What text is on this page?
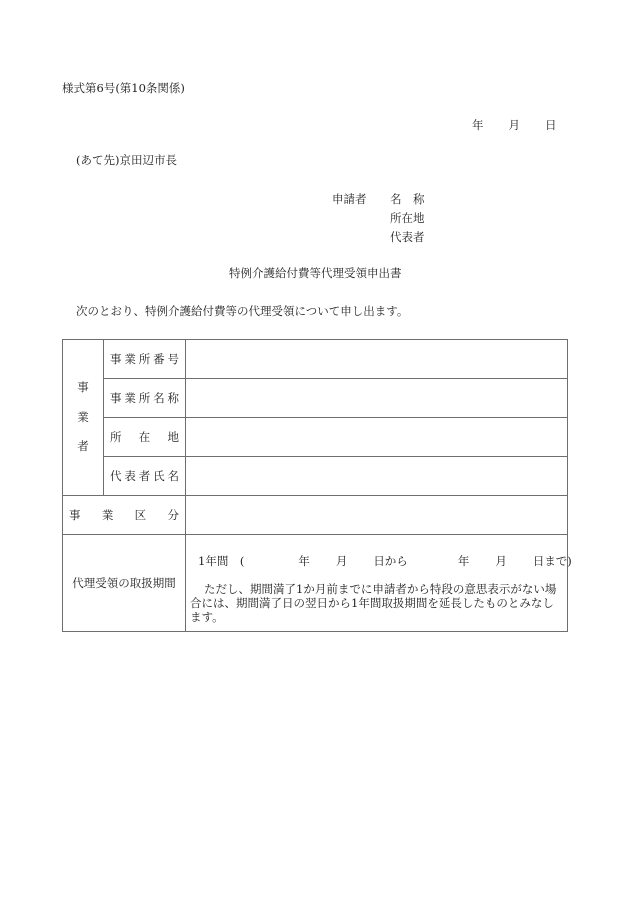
様式第6号(第10条関係)
年 月 日
(あて先)京田辺市長
申請者 名　称
所在地
代表者
特例介護給付費等代理受領申出書
次のとおり、特例介護給付費等の代理受領について申し出ます。
事
業
者

事 業 所 番 号

	事 業 所 名 称	

	所 在 地	

	代 表 者 氏 名	

事 業 区 分		

代理受領の取扱期間		1年間　( 年 月 日から 年 月 日まで)
ただし、期間満了1か月前までに申請者から特段の意思表示がない場合には、期間満了日の翌日から1年間取扱期間を延長したものとみなします。
